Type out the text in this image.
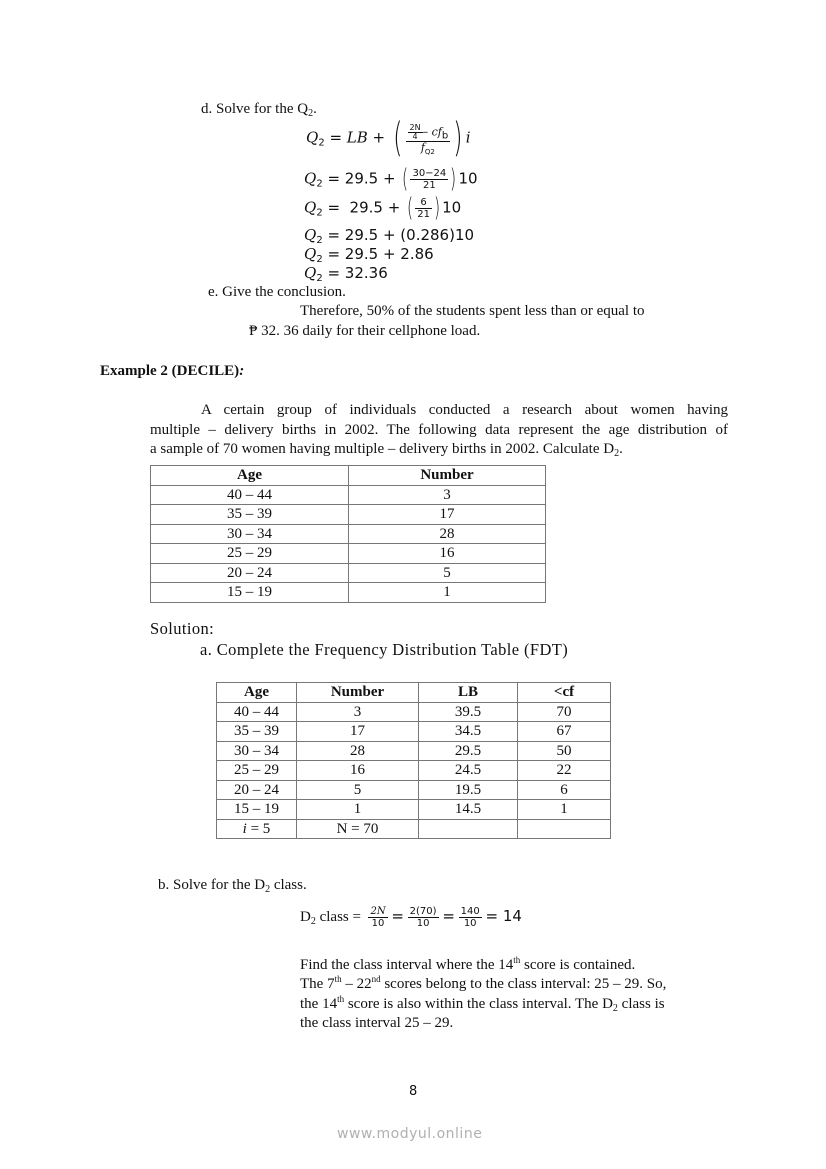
d. Solve for the $Q_2$.
$Q_2$ = LB + ( $\frac{\frac{2N}{4} - cf_b}{f_{Q2}}$ ) i
$Q_2 = 29.5$ + ( $\frac{30-24}{21}$ ) 10
$Q_2 = 29.5$ + ( $\frac{6}{21}$ ) 10
$Q_2 = 29.5 + (0.286)10$
$Q_2 = 29.5 + 2.86$
$Q_2 = 32.36$
e. Give the conclusion.
Therefore, 50% of the students spent less than or equal to
₱ 32. 36 daily for their cellphone load.
Example 2 (DECILE):
A certain group of individuals conducted a research about women having
multiple – delivery births in 2002. The following data represent the age distribution of
a sample of 70 women having multiple – delivery births in 2002. Calculate $D_2$.
Age	Number
40 – 44	3
35 – 39	17
30 – 34	28
25 – 29	16
20 – 24	5
15 – 19	1
Solution:
a. Complete the Frequency Distribution Table (FDT)
Age	Number	LB	<cf
40 – 44	3	39.5	70
35 – 39	17	34.5	67
30 – 34	28	29.5	50
25 – 29	16	24.5	22
20 – 24	5	19.5	6
15 – 19	1	14.5	1
i = 5	N = 70		
b. Solve for the $D_2$ class.
$D_2$ class = $\frac{2N}{10} = \frac{2(70)}{10} = \frac{140}{10} = 14$
Find the class interval where the 14th score is contained.
The 7th – 22nd scores belong to the class interval: 25 – 29. So,
the 14th score is also within the class interval. The $D_2$ class is
the class interval 25 – 29.
8
www.modyul.online
